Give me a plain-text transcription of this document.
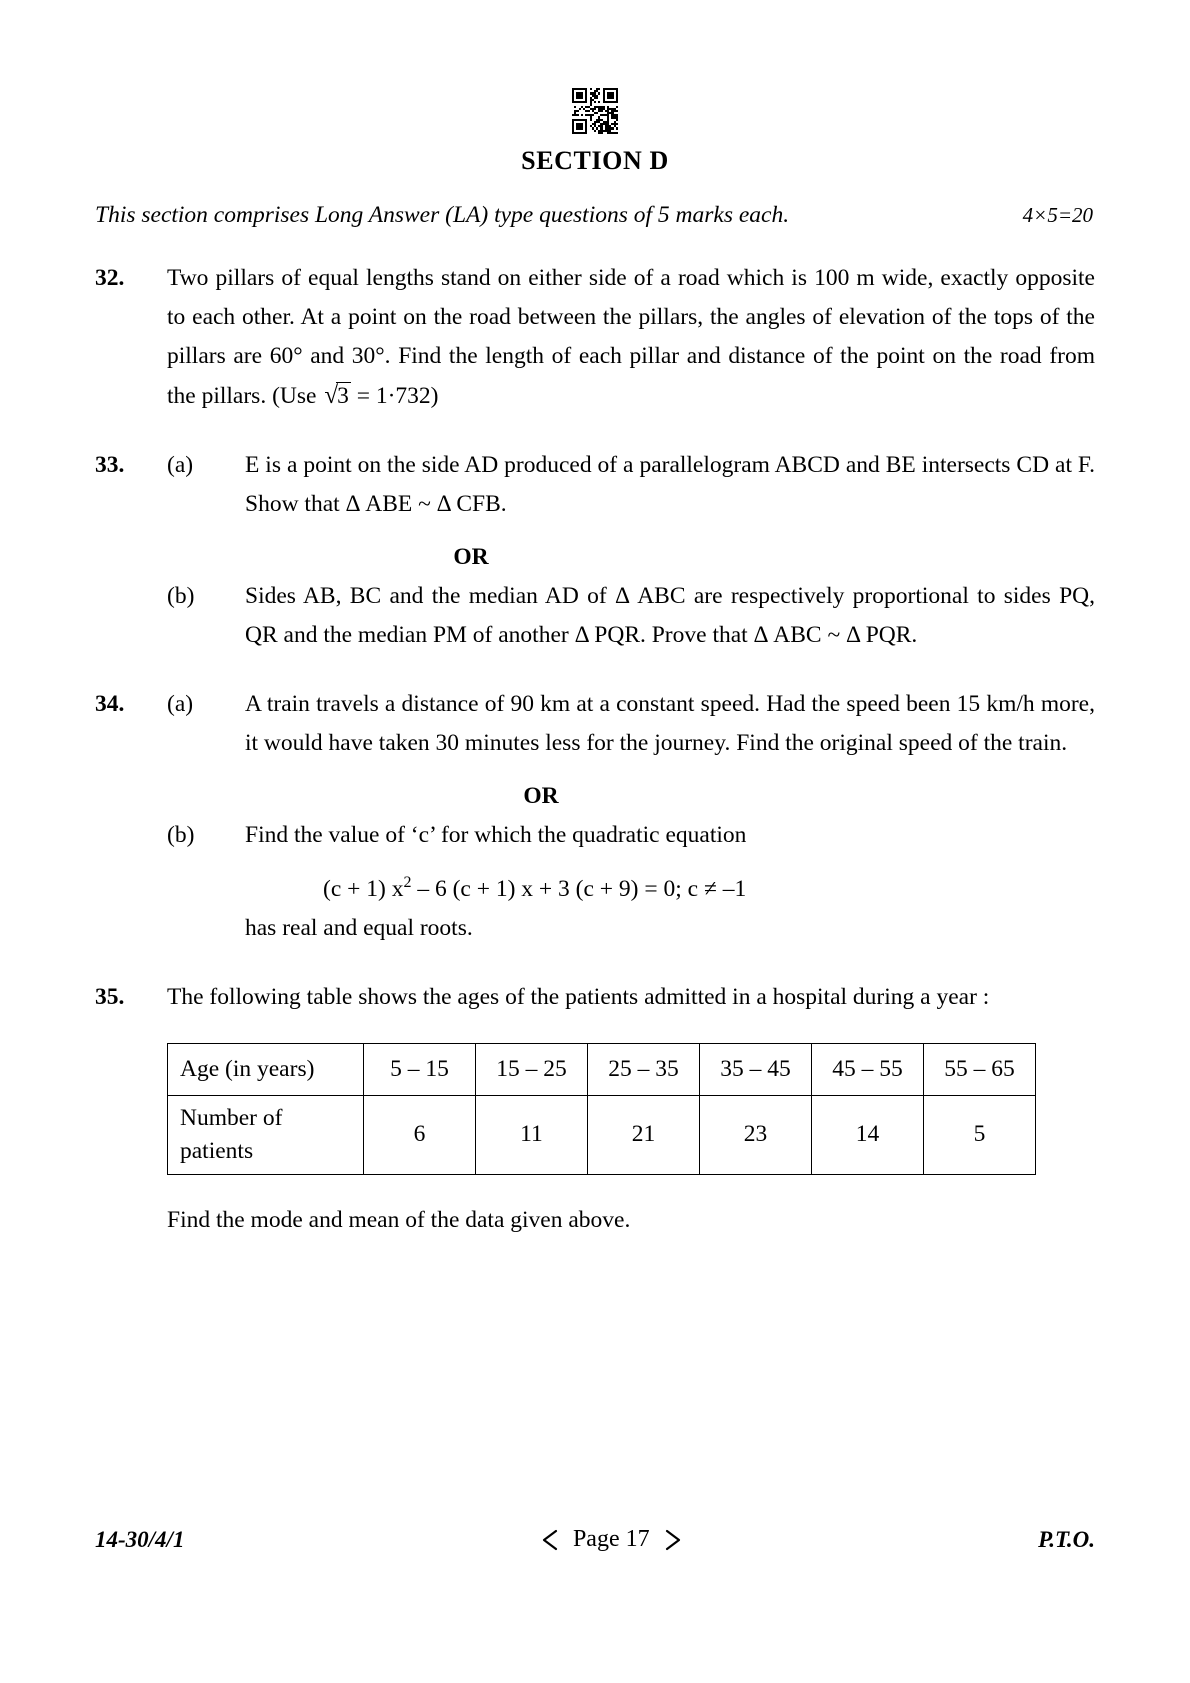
SECTION D
This section comprises Long Answer (LA) type questions of 5 marks each.	4×5=20
32.	Two pillars of equal lengths stand on either side of a road which is 100 m wide, exactly opposite to each other. At a point on the road between the pillars, the angles of elevation of the tops of the pillars are 60° and 30°. Find the length of each pillar and distance of the point on the road from the pillars. (Use √3 = 1·732)

33.	(a)	E is a point on the side AD produced of a parallelogram ABCD and BE intersects CD at F. Show that Δ ABE ~ Δ CFB.

OR
(b)	Sides AB, BC and the median AD of Δ ABC are respectively proportional to sides PQ, QR and the median PM of another Δ PQR. Prove that Δ ABC ~ Δ PQR.

34.	(a)	A train travels a distance of 90 km at a constant speed. Had the speed been 15 km/h more, it would have taken 30 minutes less for the journey. Find the original speed of the train.

OR
(b)	Find the value of ‘c’ for which the quadratic equation

(c + 1) $x^2 - 6$ (c + 1) x + 3 (c + 9) = 0; c ≠ –1

has real and equal roots.

35.	The following table shows the ages of the patients admitted in a hospital during a year :

Age (in years)	5 – 15	15 – 25	25 – 35	35 – 45	45 – 55	55 – 65

Number of
patients	6	11	21	23	14	5

Find the mode and mean of the data given above.

14-30/4/1	Page 17	P.T.O.
